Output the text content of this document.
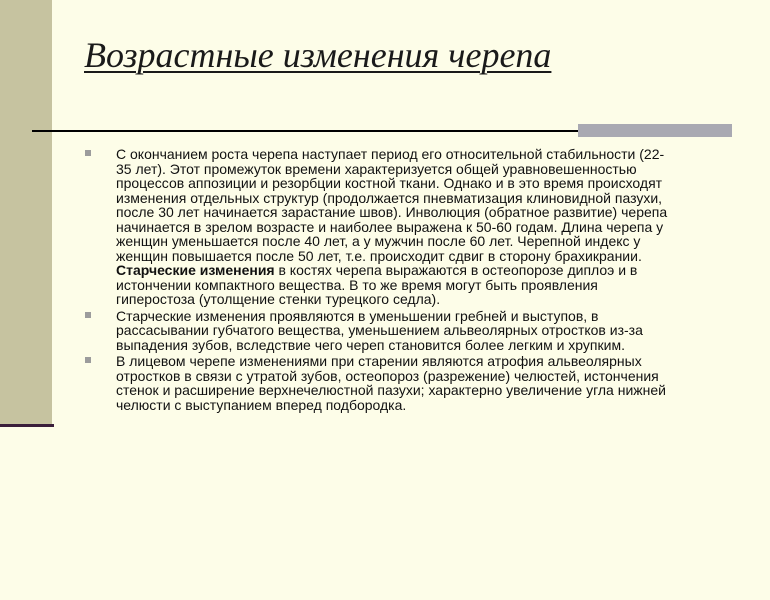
Возрастные изменения черепа
С окончанием роста черепа наступает период его относительной стабильности (22-
35 лет). Этот промежуток времени характеризуется общей уравновешенностью
процессов аппозиции и резорбции костной ткани. Однако и в это время происходят
изменения отдельных структур (продолжается пневматизация клиновидной пазухи,
после 30 лет начинается зарастание швов). Инволюция (обратное развитие) черепа
начинается в зрелом возрасте и наиболее выражена к 50-60 годам. Длина черепа у
женщин уменьшается после 40 лет, а у мужчин после 60 лет. Черепной индекс у
женщин повышается после 50 лет, т.е. происходит сдвиг в сторону брахикрании.
Старческие изменения в костях черепа выражаются в остеопорозе диплоэ и в
истончении компактного вещества. В то же время могут быть проявления
гиперостоза (утолщение стенки турецкого седла).
Старческие изменения проявляются в уменьшении гребней и выступов, в
рассасывании губчатого вещества, уменьшением альвеолярных отростков из-за
выпадения зубов, вследствие чего череп становится более легким и хрупким.
В лицевом черепе изменениями при старении являются атрофия альвеолярных
отростков в связи с утратой зубов, остеопороз (разрежение) челюстей, истончения
стенок и расширение верхнечелюстной пазухи; характерно увеличение угла нижней
челюсти с выступанием вперед подбородка.
